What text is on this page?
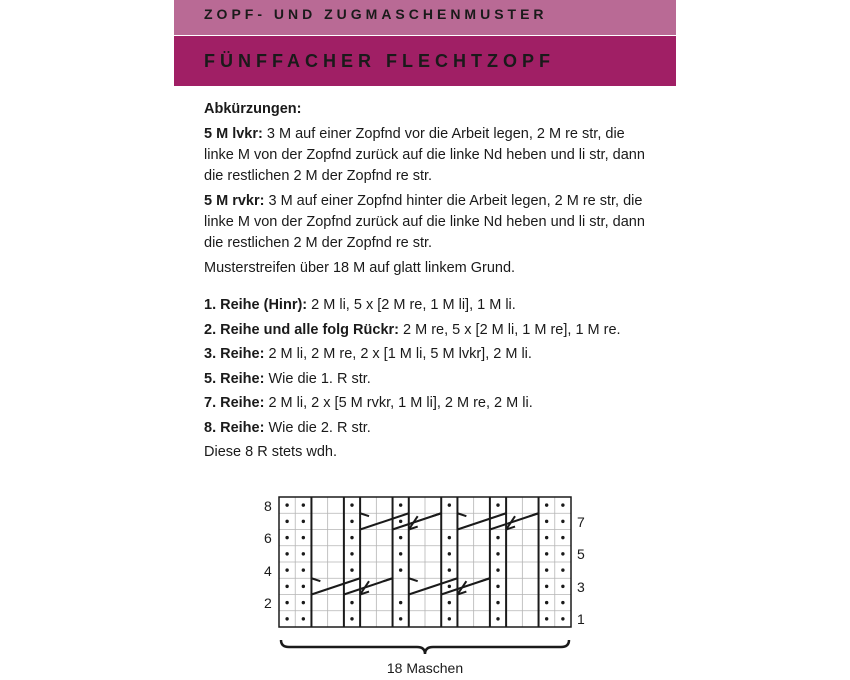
ZOPF- UND ZUGMASCHENMUSTER
FÜNFFACHER FLECHTZOPF

Abkürzungen:

5 M lvkr: 3 M auf einer Zopfnd vor die Arbeit legen, 2 M re str, die linke M von der Zopfnd zurück auf die linke Nd heben und li str, dann die restlichen 2 M der Zopfnd re str.

5 M rvkr: 3 M auf einer Zopfnd hinter die Arbeit legen, 2 M re str, die linke M von der Zopfnd zurück auf die linke Nd heben und li str, dann die restlichen 2 M der Zopfnd re str.

Musterstreifen über 18 M auf glatt linkem Grund.

1. Reihe (Hinr): 2 M li, 5 x [2 M re, 1 M li], 1 M li.

2. Reihe und alle folg Rückr: 2 M re, 5 x [2 M li, 1 M re], 1 M re.

3. Reihe: 2 M li, 2 M re, 2 x [1 M li, 5 M lvkr], 2 M li.

5. Reihe: Wie die 1. R str.

7. Reihe: 2 M li, 2 x [5 M rvkr, 1 M li], 2 M re, 2 M li.

8. Reihe: Wie die 2. R str.

Diese 8 R stets wdh.

8
6
4
2
7
5
3
1
18 Maschen
